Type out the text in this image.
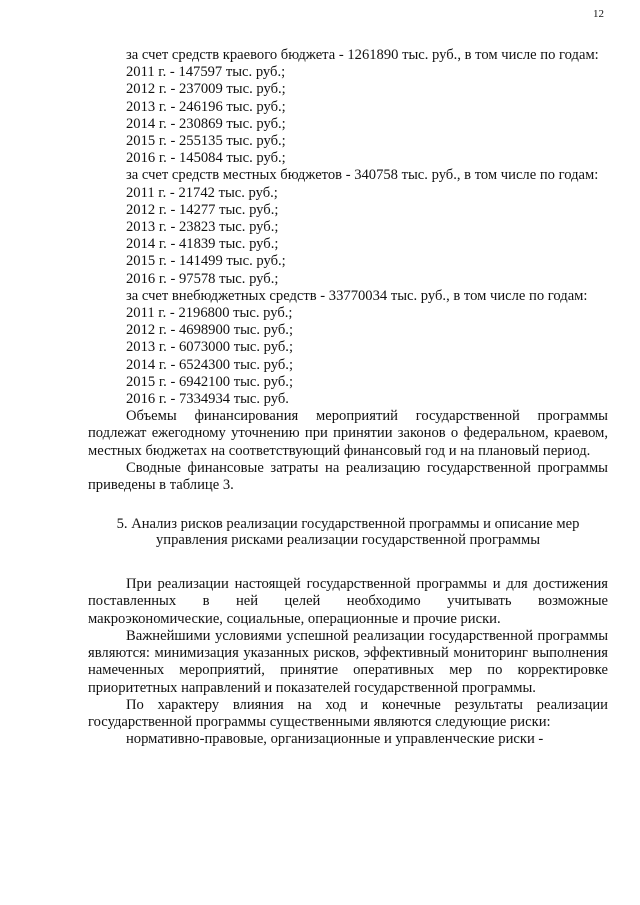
12

за счет средств краевого бюджета - 1261890 тыс. руб., в том числе по годам:

2011 г. - 147597 тыс. руб.;
2012 г. - 237009 тыс. руб.;
2013 г. - 246196 тыс. руб.;
2014 г. - 230869 тыс. руб.;
2015 г. - 255135 тыс. руб.;
2016 г. - 145084 тыс. руб.;

за счет средств местных бюджетов - 340758 тыс. руб., в том числе по годам:

2011 г. - 21742 тыс. руб.;
2012 г. - 14277 тыс. руб.;
2013 г. - 23823 тыс. руб.;
2014 г. - 41839 тыс. руб.;
2015 г. - 141499 тыс. руб.;
2016 г. - 97578 тыс. руб.;

за счет внебюджетных средств - 33770034 тыс. руб., в том числе по годам:

2011 г. - 2196800 тыс. руб.;
2012 г. - 4698900 тыс. руб.;
2013 г. - 6073000 тыс. руб.;
2014 г. - 6524300 тыс. руб.;
2015 г. - 6942100 тыс. руб.;
2016 г. - 7334934 тыс. руб.

Объемы финансирования мероприятий государственной программы подлежат ежегодному уточнению при принятии законов о федеральном, краевом, местных бюджетах на соответствующий финансовый год и на плановый период.

Сводные финансовые затраты на реализацию государственной программы приведены в таблице 3.

5. Анализ рисков реализации государственной программы и описание мер управления рисками реализации государственной программы

При реализации настоящей государственной программы и для достижения поставленных в ней целей необходимо учитывать возможные макроэкономические, социальные, операционные и прочие риски.

Важнейшими условиями успешной реализации государственной программы являются: минимизация указанных рисков, эффективный мониторинг выполнения намеченных мероприятий, принятие оперативных мер по корректировке приоритетных направлений и показателей государственной программы.

По характеру влияния на ход и конечные результаты реализации государственной программы существенными являются следующие риски:

нормативно-правовые, организационные и управленческие риски -
